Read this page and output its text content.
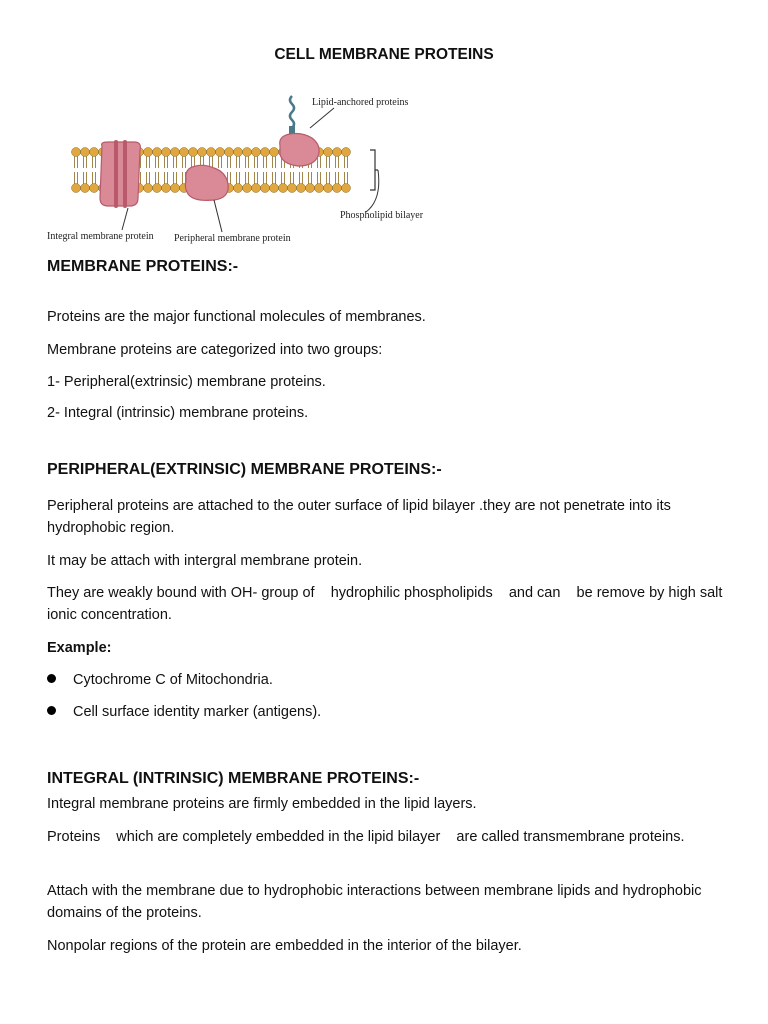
CELL MEMBRANE PROTEINS
Lipid-anchored proteins
Phospholipid bilayer
Integral membrane protein Peripheral membrane protein
MEMBRANE PROTEINS:-
Proteins are the major functional molecules of membranes.
Membrane proteins are categorized into two groups:
1- Peripheral(extrinsic) membrane proteins.
2- Integral (intrinsic) membrane proteins.
PERIPHERAL(EXTRINSIC) MEMBRANE PROTEINS:-
Peripheral proteins are attached to the outer surface of lipid bilayer .they are not penetrate into its hydrophobic region.
It may be attach with intergral membrane protein.
They are weakly bound with OH- group of    hydrophilic phospholipids    and can    be remove by high salt ionic concentration.
Example:
Cytochrome C of Mitochondria.
Cell surface identity marker (antigens).
INTEGRAL (INTRINSIC) MEMBRANE PROTEINS:-
Integral membrane proteins are firmly embedded in the lipid layers.
Proteins    which are completely embedded in the lipid bilayer    are called transmembrane proteins.
Attach with the membrane due to hydrophobic interactions between membrane lipids and hydrophobic domains of the proteins.
Nonpolar regions of the protein are embedded in the interior of the bilayer.
